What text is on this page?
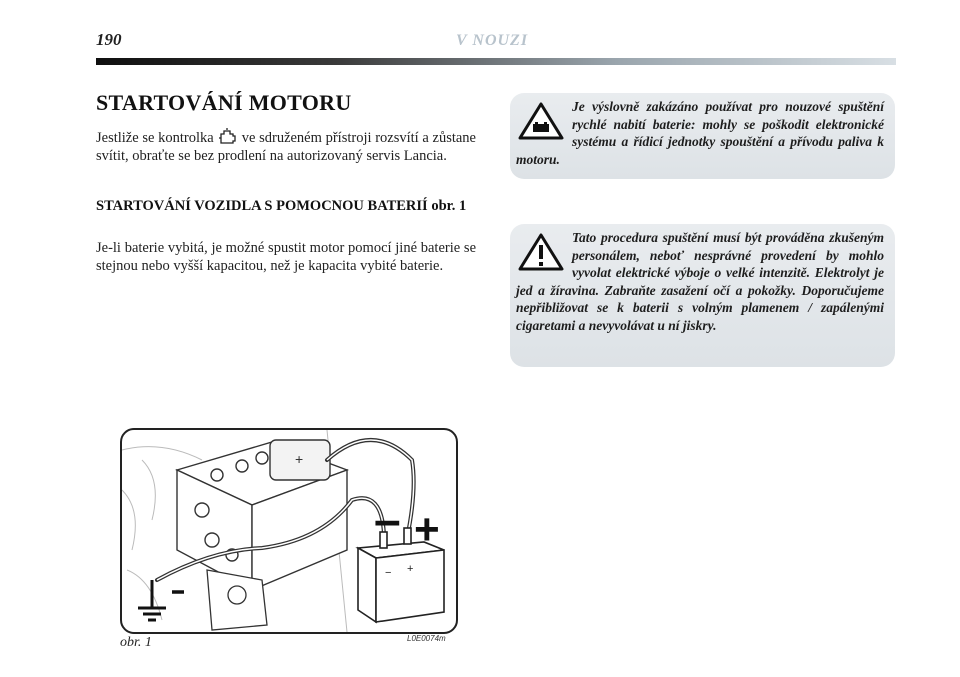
190	V NOUZI
STARTOVÁNÍ MOTORU
Jestliže se kontrolka ve sdruženém přístroji rozsvítí a zůstane svítit, obraťte se bez prodlení na autorizovaný servis Lancia.
STARTOVÁNÍ VOZIDLA S POMOCNOU BATERIÍ obr. 1
Je-li baterie vybitá, je možné spustit motor pomocí jiné baterie se stejnou nebo vyšší kapacitou, než je kapacita vybité baterie.
Je výslovně zakázáno používat pro nouzové spuštění rychlé nabití baterie: mohly se poškodit elektronické systému a řídicí jednotky spouštění a přívodu paliva k motoru.
Tato procedura spuštění musí být prováděna zkušeným personálem, neboť nesprávné provedení by mohlo vyvolat elektrické výboje o velké intenzitě. Elektrolyt je jed a žíravina. Zabraňte zasažení očí a pokožky. Doporučujeme nepřibližovat se k baterii s volným plamenem / zapálenými cigaretami a nevyvolávat u ní jiskry.
+
− +
– +
obr. 1	L0E0074m
